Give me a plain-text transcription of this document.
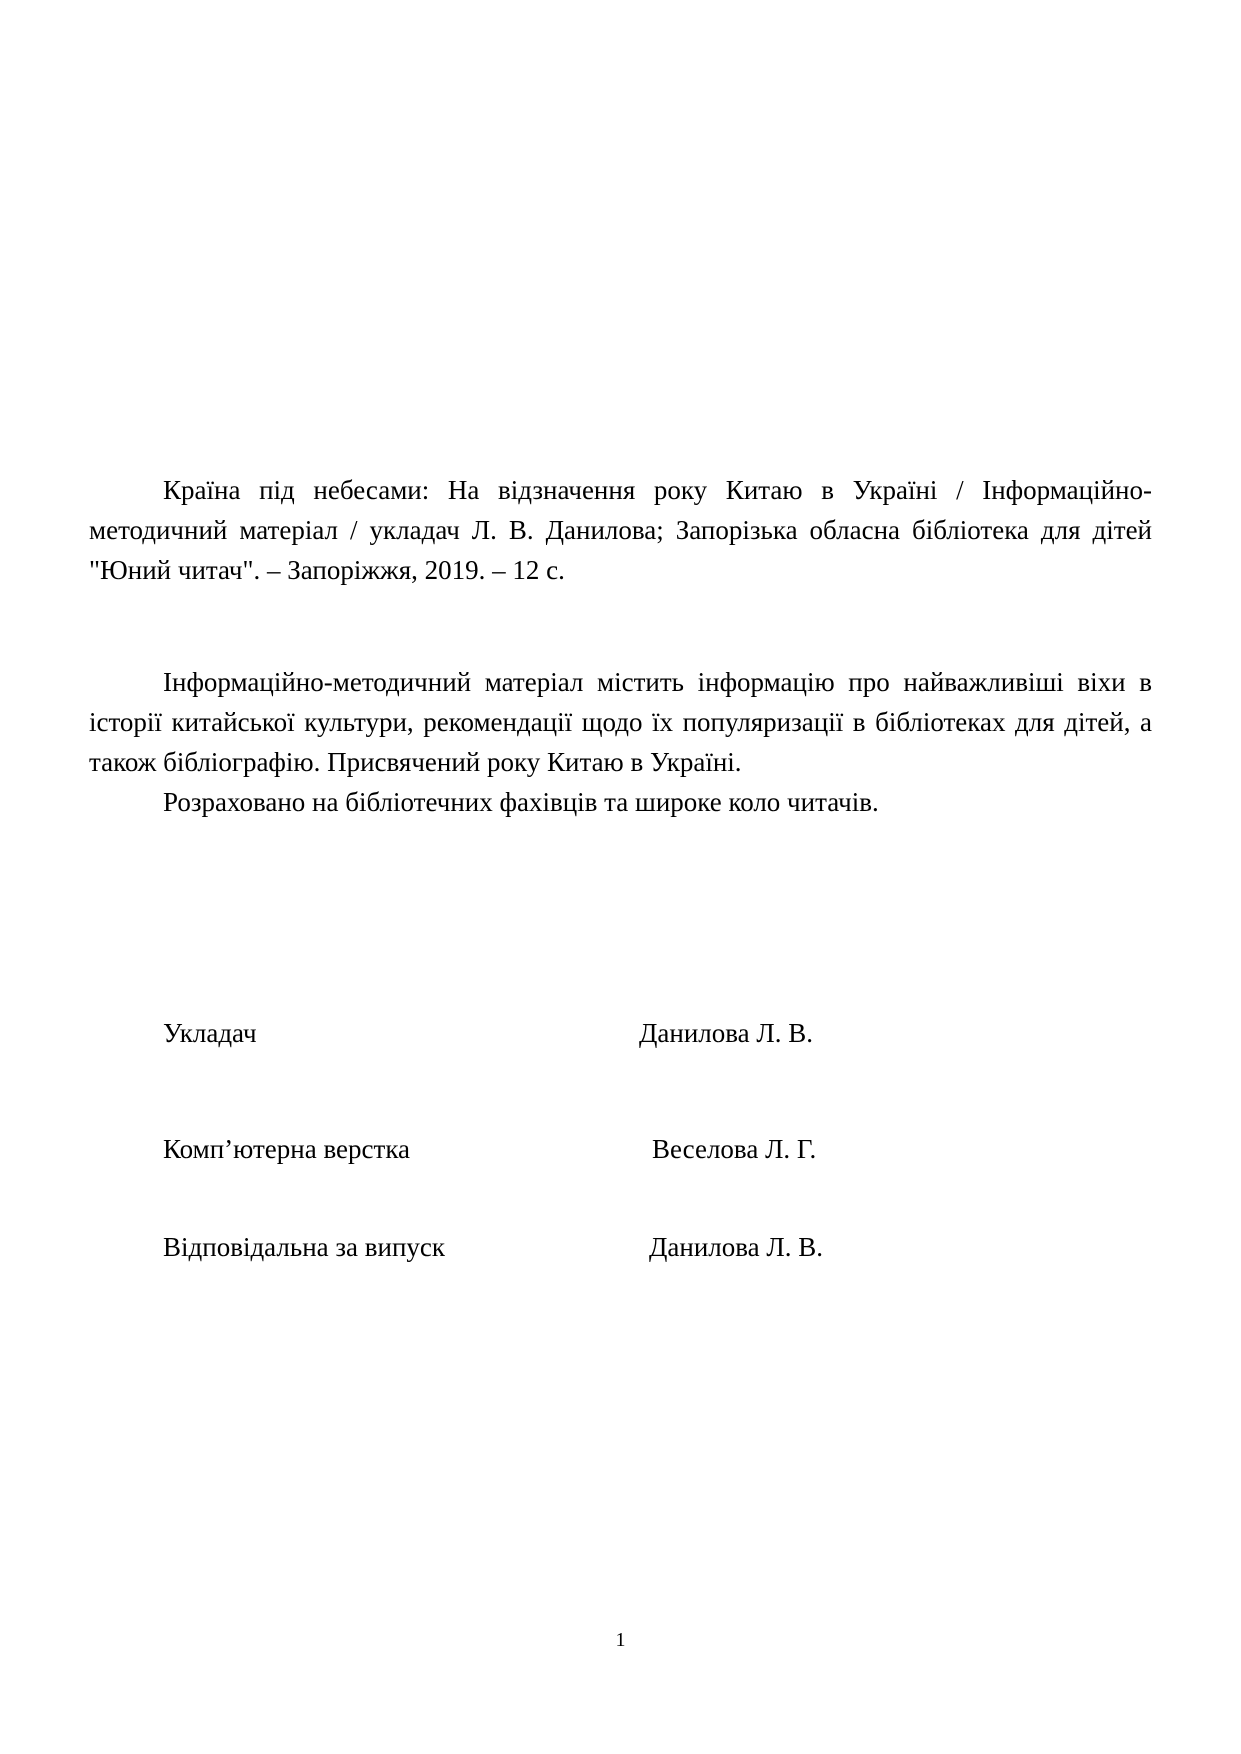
Країна під небесами: На відзначення року Китаю в Україні / Інформаційно-методичний матеріал / укладач Л. В. Данилова; Запорізька обласна бібліотека для дітей "Юний читач". – Запоріжжя, 2019. – 12 с.

Інформаційно-методичний матеріал містить інформацію про найважливіші віхи в історії китайської культури, рекомендації щодо їх популяризації в бібліотеках для дітей, а також бібліографію. Присвячений року Китаю в Україні.

Розраховано на бібліотечних фахівців та широке коло читачів.

Укладач	Данилова Л. В.
Комп’ютерна верстка	Веселова Л. Г.
Відповідальна за випуск	Данилова Л. В.
1
